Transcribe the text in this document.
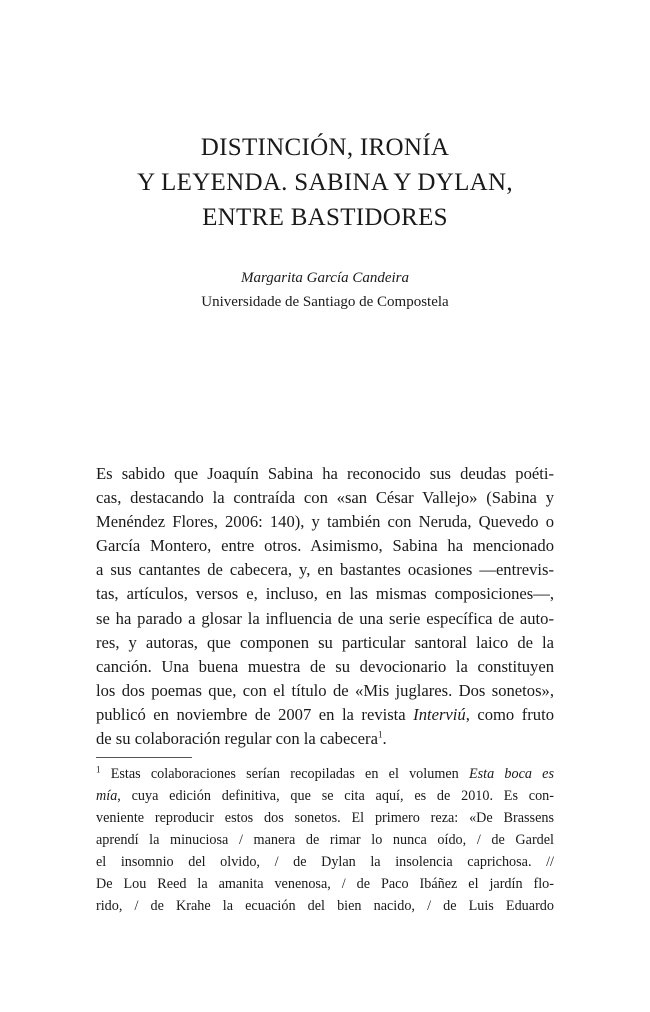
DISTINCIÓN, IRONÍA
Y LEYENDA. SABINA Y DYLAN,
ENTRE BASTIDORES
Margarita García Candeira
Universidade de Santiago de Compostela
Es sabido que Joaquín Sabina ha reconocido sus deudas poéti-
cas, destacando la contraída con «san César Vallejo» (Sabina y
Menéndez Flores, 2006: 140), y también con Neruda, Quevedo o
García Montero, entre otros. Asimismo, Sabina ha mencionado
a sus cantantes de cabecera, y, en bastantes ocasiones —entrevis-
tas, artículos, versos e, incluso, en las mismas composiciones—,
se ha parado a glosar la influencia de una serie específica de auto-
res, y autoras, que componen su particular santoral laico de la
canción. Una buena muestra de su devocionario la constituyen
los dos poemas que, con el título de «Mis juglares. Dos sonetos»,
publicó en noviembre de 2007 en la revista Interviú, como fruto
de su colaboración regular con la cabecera$^1$.
$^1$ Estas colaboraciones serían recopiladas en el volumen Esta boca es
mía, cuya edición definitiva, que se cita aquí, es de 2010. Es con-
veniente reproducir estos dos sonetos. El primero reza: «De Brassens
aprendí la minuciosa / manera de rimar lo nunca oído, / de Gardel
el insomnio del olvido, / de Dylan la insolencia caprichosa. //
De Lou Reed la amanita venenosa, / de Paco Ibáñez el jardín flo-
rido, / de Krahe la ecuación del bien nacido, / de Luis Eduardo
